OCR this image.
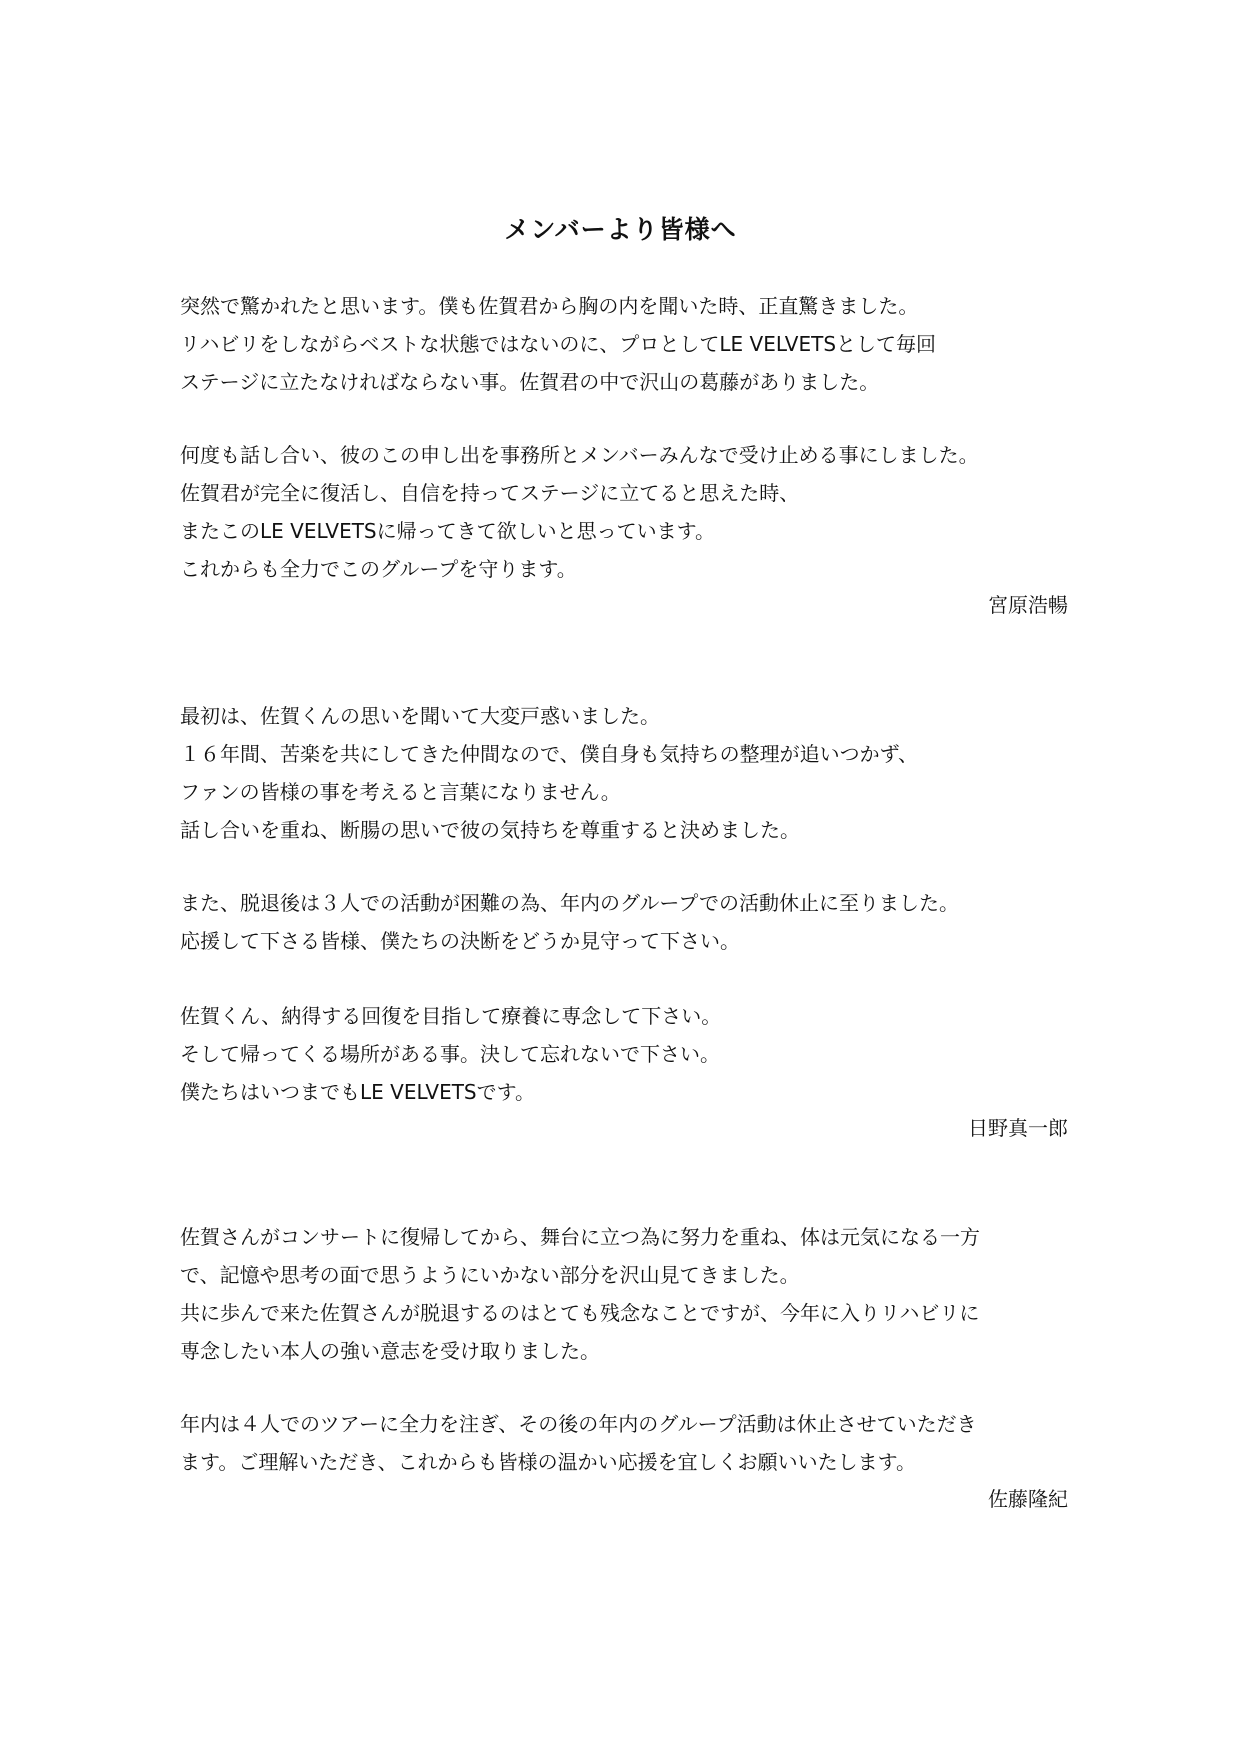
メンバーより皆様へ
突然で驚かれたと思います。僕も佐賀君から胸の内を聞いた時、正直驚きました。
リハビリをしながらベストな状態ではないのに、プロとしてLE VELVETSとして毎回
ステージに立たなければならない事。佐賀君の中で沢山の葛藤がありました。
何度も話し合い、彼のこの申し出を事務所とメンバーみんなで受け止める事にしました。
佐賀君が完全に復活し、自信を持ってステージに立てると思えた時、
またこのLE VELVETSに帰ってきて欲しいと思っています。
これからも全力でこのグループを守ります。
宮原浩暢
最初は、佐賀くんの思いを聞いて大変戸惑いました。
１６年間、苦楽を共にしてきた仲間なので、僕自身も気持ちの整理が追いつかず、
ファンの皆様の事を考えると言葉になりません。
話し合いを重ね、断腸の思いで彼の気持ちを尊重すると決めました。
また、脱退後は３人での活動が困難の為、年内のグループでの活動休止に至りました。
応援して下さる皆様、僕たちの決断をどうか見守って下さい。
佐賀くん、納得する回復を目指して療養に専念して下さい。
そして帰ってくる場所がある事。決して忘れないで下さい。
僕たちはいつまでもLE VELVETSです。
日野真一郎
佐賀さんがコンサートに復帰してから、舞台に立つ為に努力を重ね、体は元気になる一方
で、記憶や思考の面で思うようにいかない部分を沢山見てきました。
共に歩んで来た佐賀さんが脱退するのはとても残念なことですが、今年に入りリハビリに
専念したい本人の強い意志を受け取りました。
年内は４人でのツアーに全力を注ぎ、その後の年内のグループ活動は休止させていただき
ます。ご理解いただき、これからも皆様の温かい応援を宜しくお願いいたします。
佐藤隆紀
